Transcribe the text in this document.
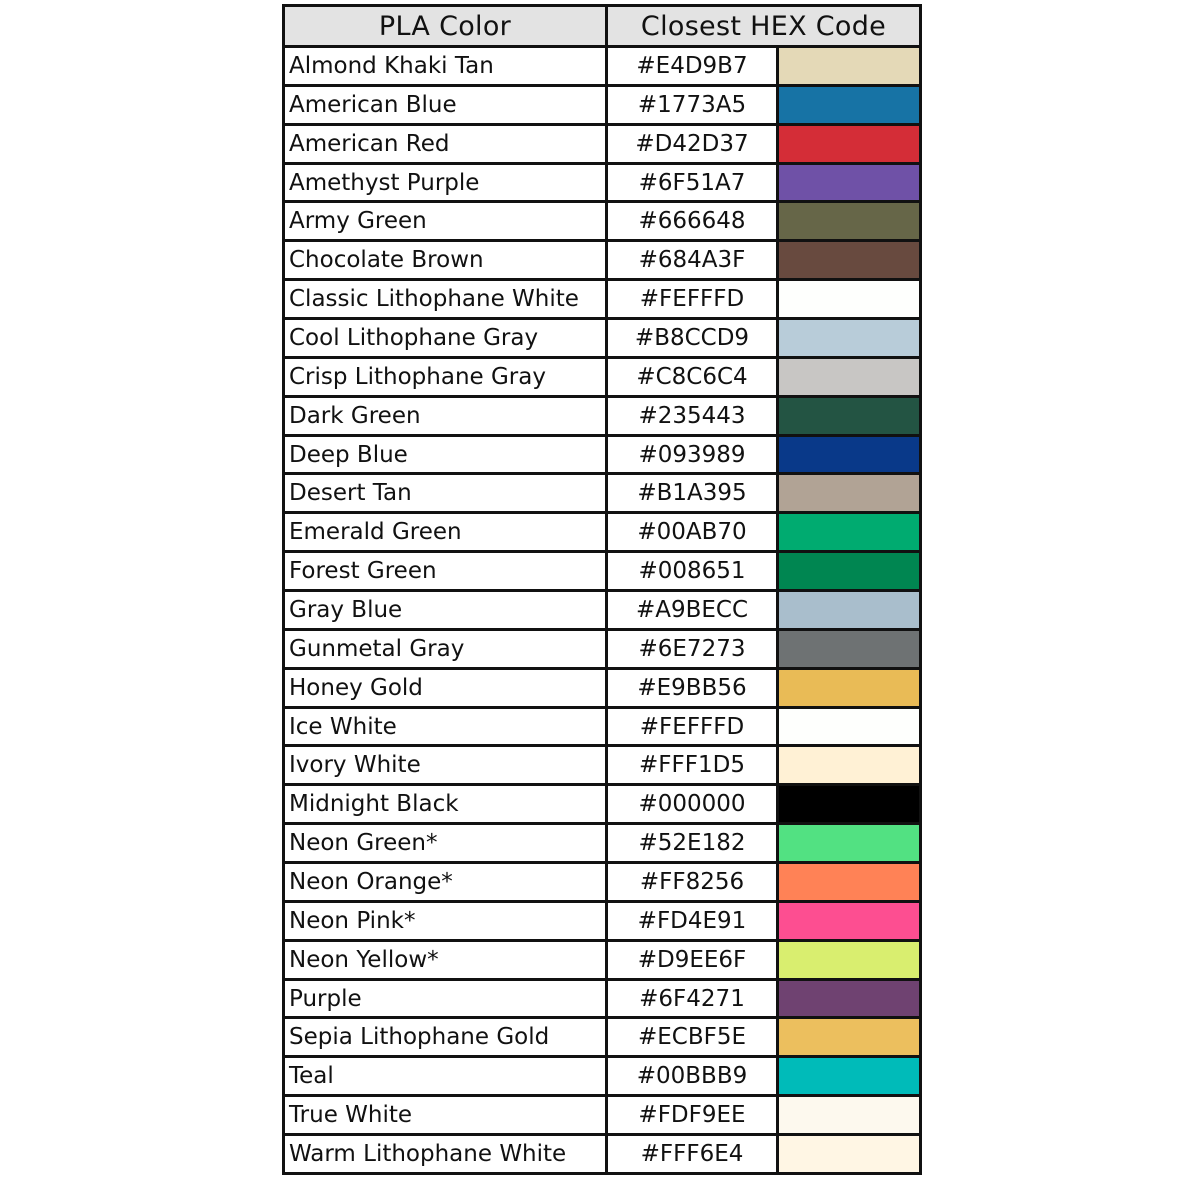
PLA Color	Closest HEX Code	
Almond Khaki Tan	#E4D9B7	
American Blue	#1773A5	
American Red	#D42D37	
Amethyst Purple	#6F51A7	
Army Green	#666648	
Chocolate Brown	#684A3F	
Classic Lithophane White	#FEFFFD	
Cool Lithophane Gray	#B8CCD9	
Crisp Lithophane Gray	#C8C6C4	
Dark Green	#235443	
Deep Blue	#093989	
Desert Tan	#B1A395	
Emerald Green	#00AB70	
Forest Green	#008651	
Gray Blue	#A9BECC	
Gunmetal Gray	#6E7273	
Honey Gold	#E9BB56	
Ice White	#FEFFFD	
Ivory White	#FFF1D5	
Midnight Black	#000000	
Neon Green*	#52E182	
Neon Orange*	#FF8256	
Neon Pink*	#FD4E91	
Neon Yellow*	#D9EE6F	
Purple	#6F4271	
Sepia Lithophane Gold	#ECBF5E	
Teal	#00BBB9	
True White	#FDF9EE	
Warm Lithophane White	#FFF6E4	
